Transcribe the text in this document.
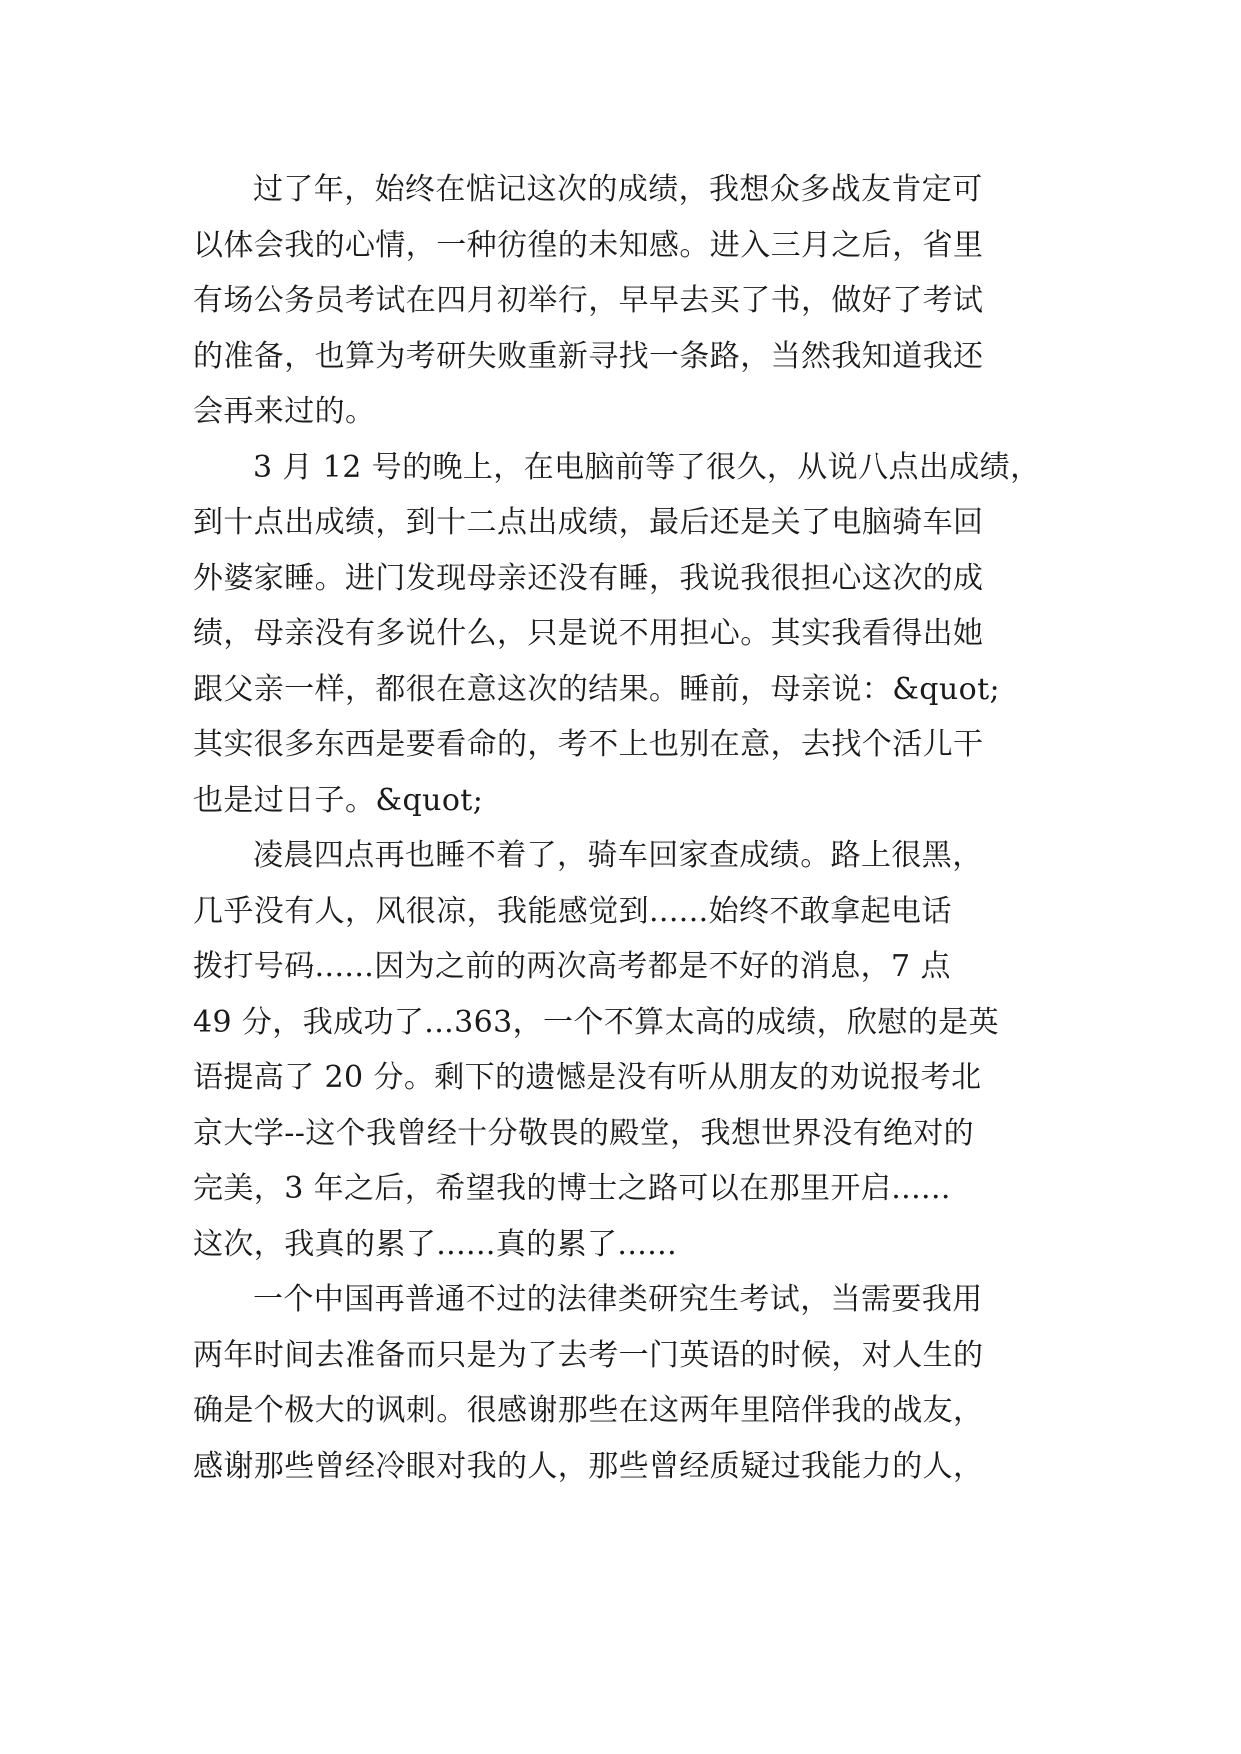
过了年，始终在惦记这次的成绩，我想众多战友肯定可
以体会我的心情，一种彷徨的未知感。进入三月之后，省里
有场公务员考试在四月初举行，早早去买了书，做好了考试
的准备，也算为考研失败重新寻找一条路，当然我知道我还
会再来过的。
3 月 12 号的晚上，在电脑前等了很久，从说八点出成绩，
到十点出成绩，到十二点出成绩，最后还是关了电脑骑车回
外婆家睡。进门发现母亲还没有睡，我说我很担心这次的成
绩，母亲没有多说什么，只是说不用担心。其实我看得出她
跟父亲一样，都很在意这次的结果。睡前，母亲说：&quot;
其实很多东西是要看命的，考不上也别在意，去找个活儿干
也是过日子。&quot;
凌晨四点再也睡不着了，骑车回家查成绩。路上很黑，
几乎没有人，风很凉，我能感觉到......始终不敢拿起电话
拨打号码......因为之前的两次高考都是不好的消息，7 点
49 分，我成功了...363，一个不算太高的成绩，欣慰的是英
语提高了 20 分。剩下的遗憾是没有听从朋友的劝说报考北
京大学--这个我曾经十分敬畏的殿堂，我想世界没有绝对的
完美，3 年之后，希望我的博士之路可以在那里开启......
这次，我真的累了......真的累了......
一个中国再普通不过的法律类研究生考试，当需要我用
两年时间去准备而只是为了去考一门英语的时候，对人生的
确是个极大的讽刺。很感谢那些在这两年里陪伴我的战友，
感谢那些曾经冷眼对我的人，那些曾经质疑过我能力的人，
